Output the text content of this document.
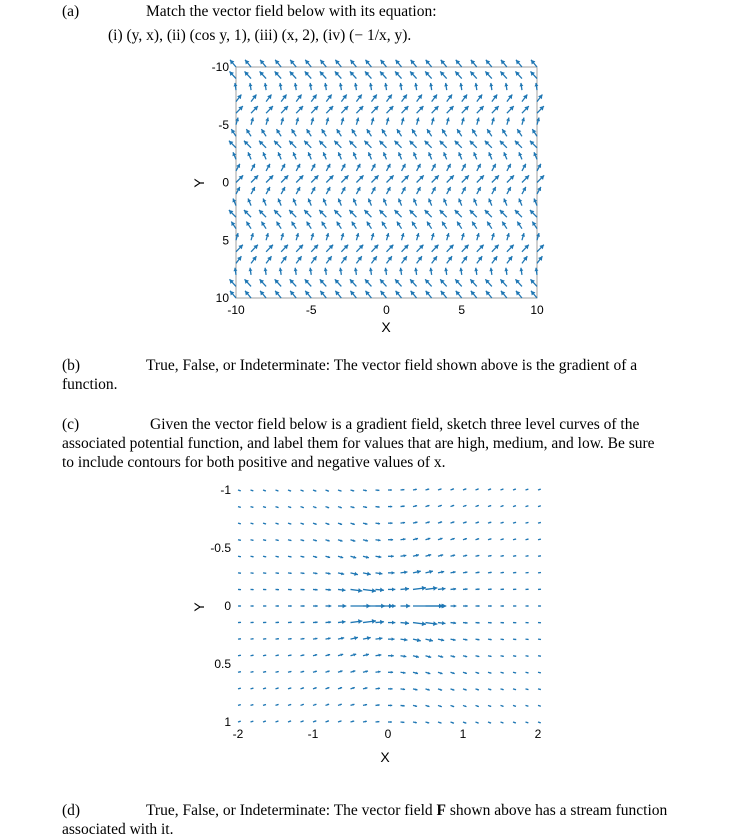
(a)	Match the vector field below with its equation:
(i) (y, x), (ii) (cos y, 1), (iii) (x, 2), (iv) (− 1/x, y).
10
5
0
-5
-10
-10	-5	0	5	10
Y
X
(b)	True, False, or Indeterminate: The vector field shown above is the gradient of a
function.
(c)	Given the vector field below is a gradient field, sketch three level curves of the
associated potential function, and label them for values that are high, medium, and low. Be sure
to include contours for both positive and negative values of x.
1
0.5
0
-0.5
-1
-2	-1	0	1	2
Y
X
(d)	True, False, or Indeterminate: The vector field F shown above has a stream function
associated with it.
